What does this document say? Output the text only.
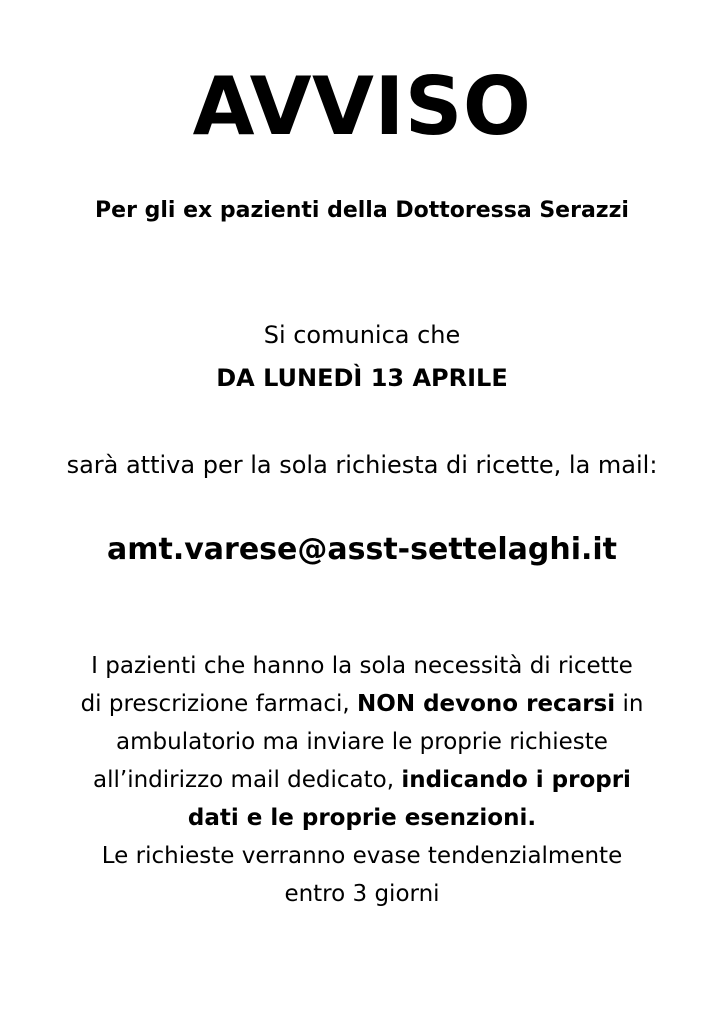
AVVISO
Per gli ex pazienti della Dottoressa Serazzi
Si comunica che
DA LUNEDÌ 13 APRILE
sarà attiva per la sola richiesta di ricette, la mail:
amt.varese@asst-settelaghi.it
I pazienti che hanno la sola necessità di ricette
di prescrizione farmaci, NON devono recarsi in
ambulatorio ma inviare le proprie richieste
all’indirizzo mail dedicato, indicando i propri
dati e le proprie esenzioni.
Le richieste verranno evase tendenzialmente
entro 3 giorni
